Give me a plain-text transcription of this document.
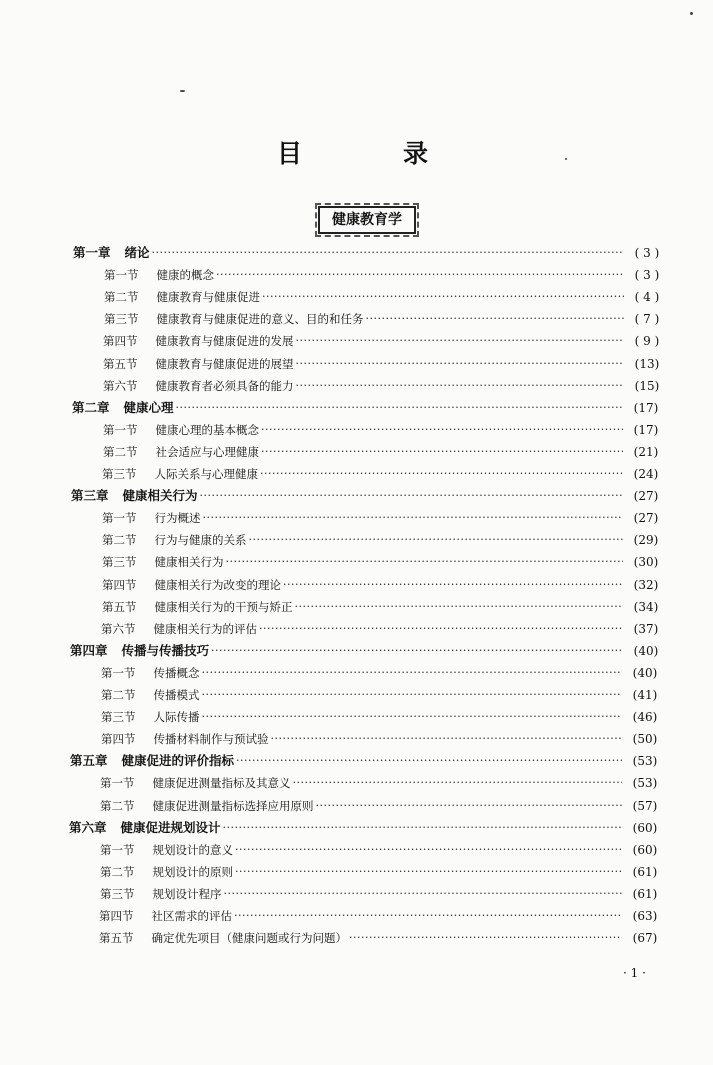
目　录
健康教育学
第一章 绪论 ·····	( 3 )
第一节 健康的概念 ·····	( 3 )
第二节 健康教育与健康促进 ·····	( 4 )
第三节 健康教育与健康促进的意义、目的和任务 ·····	( 7 )
第四节 健康教育与健康促进的发展 ·····	( 9 )
第五节 健康教育与健康促进的展望 ·····	(13)
第六节 健康教育者必须具备的能力 ·····	(15)
第二章 健康心理 ·····	(17)
第一节 健康心理的基本概念 ·····	(17)
第二节 社会适应与心理健康 ·····	(21)
第三节 人际关系与心理健康 ·····	(24)
第三章 健康相关行为 ·····	(27)
第一节 行为概述 ·····	(27)
第二节 行为与健康的关系 ·····	(29)
第三节 健康相关行为 ·····	(30)
第四节 健康相关行为改变的理论 ·····	(32)
第五节 健康相关行为的干预与矫正 ·····	(34)
第六节 健康相关行为的评估 ·····	(37)
第四章 传播与传播技巧 ·····	(40)
第一节 传播概念 ·····	(40)
第二节 传播模式 ·····	(41)
第三节 人际传播 ·····	(46)
第四节 传播材料制作与预试验 ·····	(50)
第五章 健康促进的评价指标 ·····	(53)
第一节 健康促进测量指标及其意义 ·····	(53)
第二节 健康促进测量指标选择应用原则 ·····	(57)
第六章 健康促进规划设计 ·····	(60)
第一节 规划设计的意义 ·····	(60)
第二节 规划设计的原则 ·····	(61)
第三节 规划设计程序 ·····	(61)
第四节 社区需求的评估 ·····	(63)
第五节 确定优先项目（健康问题或行为问题） ·····	(67)
· 1 ·
